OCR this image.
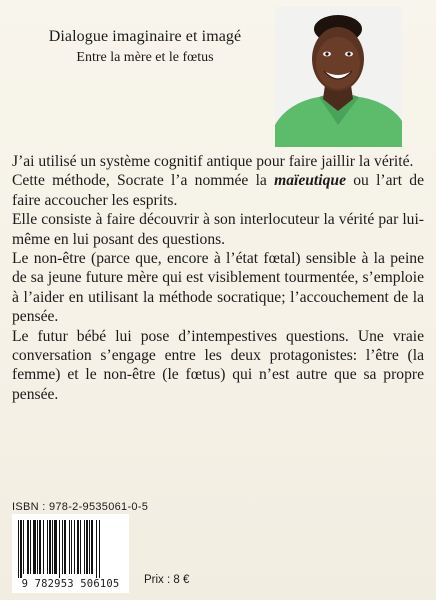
Dialogue imaginaire et imagé
Entre la mère et le fœtus

J’ai utilisé un système cognitif antique pour faire jaillir la vérité.

Cette méthode, Socrate l’a nommée la maïeutique ou l’art de faire accoucher les esprits.

Elle consiste à faire découvrir à son interlocuteur la vérité par lui-même en lui posant des questions.

Le non-être (parce que, encore à l’état fœtal) sensible à la peine de sa jeune future mère qui est visiblement tourmentée, s’emploie à l’aider en utilisant la méthode socratique; l’accouchement de la pensée.

Le futur bébé lui pose d’intempestives questions. Une vraie conversation s’engage entre les deux protagonistes: l’être (la femme) et le non-être (le fœtus) qui n’est autre que sa propre pensée.

ISBN : 978-2-9535061-0-5
9 782953 506105	Prix : 8 €
